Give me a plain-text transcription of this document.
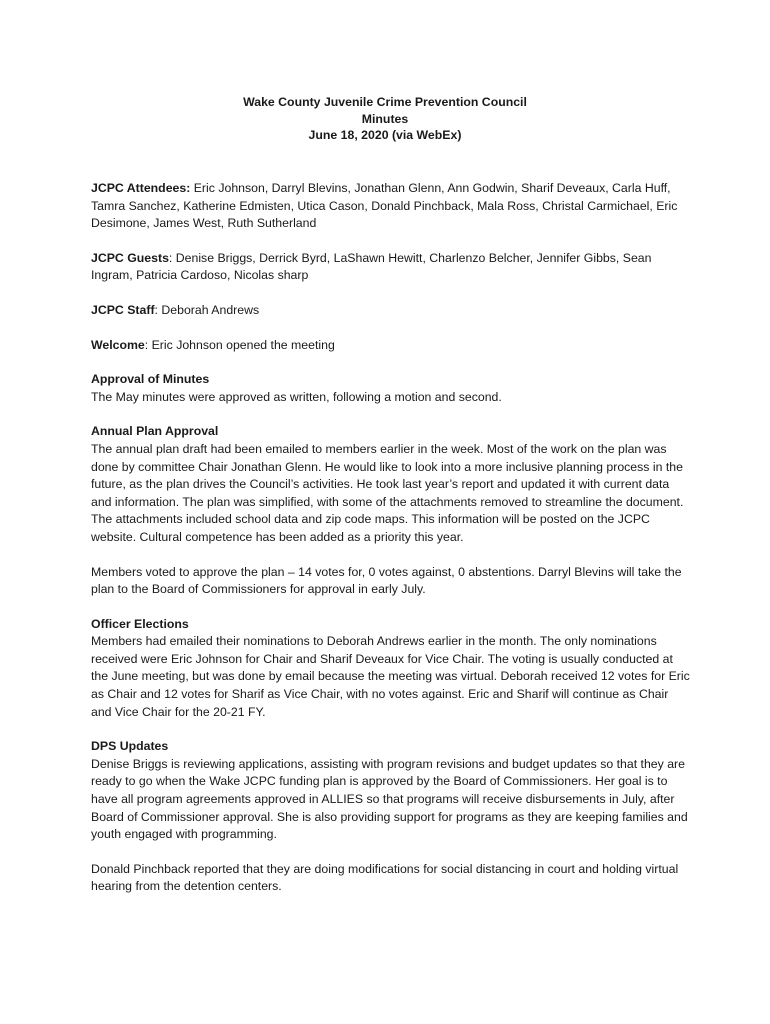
Wake County Juvenile Crime Prevention Council
Minutes
June 18, 2020 (via WebEx)

JCPC Attendees: Eric Johnson, Darryl Blevins, Jonathan Glenn, Ann Godwin, Sharif Deveaux, Carla Huff, Tamra Sanchez, Katherine Edmisten, Utica Cason, Donald Pinchback, Mala Ross, Christal Carmichael, Eric Desimone, James West, Ruth Sutherland

JCPC Guests: Denise Briggs, Derrick Byrd, LaShawn Hewitt, Charlenzo Belcher, Jennifer Gibbs, Sean Ingram, Patricia Cardoso, Nicolas sharp

JCPC Staff: Deborah Andrews

Welcome: Eric Johnson opened the meeting

Approval of Minutes
The May minutes were approved as written, following a motion and second.

Annual Plan Approval
The annual plan draft had been emailed to members earlier in the week. Most of the work on the plan was done by committee Chair Jonathan Glenn. He would like to look into a more inclusive planning process in the future, as the plan drives the Council’s activities. He took last year’s report and updated it with current data and information. The plan was simplified, with some of the attachments removed to streamline the document. The attachments included school data and zip code maps. This information will be posted on the JCPC website. Cultural competence has been added as a priority this year.

Members voted to approve the plan – 14 votes for, 0 votes against, 0 abstentions. Darryl Blevins will take the plan to the Board of Commissioners for approval in early July.

Officer Elections
Members had emailed their nominations to Deborah Andrews earlier in the month. The only nominations received were Eric Johnson for Chair and Sharif Deveaux for Vice Chair. The voting is usually conducted at the June meeting, but was done by email because the meeting was virtual. Deborah received 12 votes for Eric as Chair and 12 votes for Sharif as Vice Chair, with no votes against. Eric and Sharif will continue as Chair and Vice Chair for the 20-21 FY.

DPS Updates
Denise Briggs is reviewing applications, assisting with program revisions and budget updates so that they are ready to go when the Wake JCPC funding plan is approved by the Board of Commissioners. Her goal is to have all program agreements approved in ALLIES so that programs will receive disbursements in July, after Board of Commissioner approval. She is also providing support for programs as they are keeping families and youth engaged with programming.

Donald Pinchback reported that they are doing modifications for social distancing in court and holding virtual hearing from the detention centers.
